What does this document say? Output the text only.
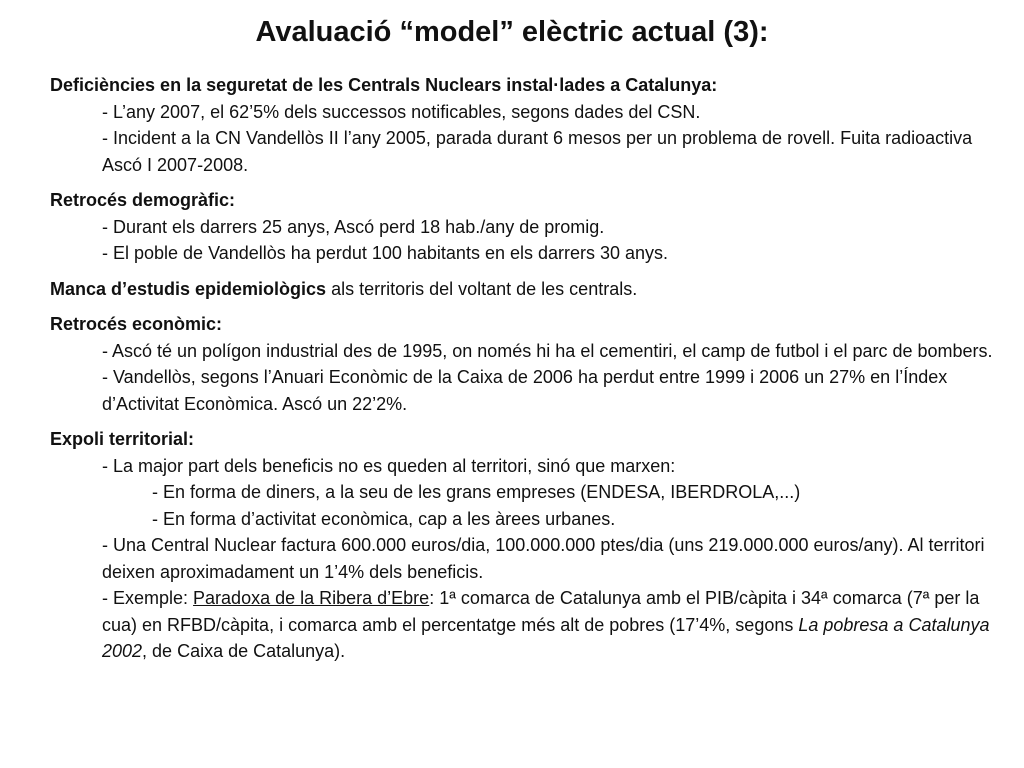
Avaluació “model” elèctric actual (3):
Deficiències en la seguretat de les Centrals Nuclears instal·lades a Catalunya:
- L’any 2007, el 62’5% dels successos notificables, segons dades del CSN.
- Incident a la CN Vandellòs II l’any 2005, parada durant 6 mesos per un problema de rovell. Fuita radioactiva Ascó I 2007-2008.
Retrocés demogràfic:
- Durant els darrers 25 anys, Ascó perd 18 hab./any de promig.
- El poble de Vandellòs ha perdut 100 habitants en els darrers 30 anys.
Manca d’estudis epidemiològics als territoris del voltant de les centrals.
Retrocés econòmic:
- Ascó té un polígon industrial des de 1995, on només hi ha el cementiri, el camp de futbol i el parc de bombers.
- Vandellòs, segons l’Anuari Econòmic de la Caixa de 2006 ha perdut entre 1999 i 2006 un 27% en l’Índex d’Activitat Econòmica. Ascó un 22’2%.
Expoli territorial:
- La major part dels beneficis no es queden al territori, sinó que marxen:
- En forma de diners, a la seu de les grans empreses (ENDESA, IBERDROLA,...)
- En forma d’activitat econòmica, cap a les àrees urbanes.
- Una Central Nuclear factura 600.000 euros/dia, 100.000.000 ptes/dia (uns 219.000.000 euros/any). Al territori deixen aproximadament un 1’4% dels beneficis.
- Exemple: Paradoxa de la Ribera d’Ebre: 1ª comarca de Catalunya amb el PIB/càpita i 34ª comarca (7ª per la cua) en RFBD/càpita, i comarca amb el percentatge més alt de pobres (17’4%, segons La pobresa a Catalunya 2002, de Caixa de Catalunya).
